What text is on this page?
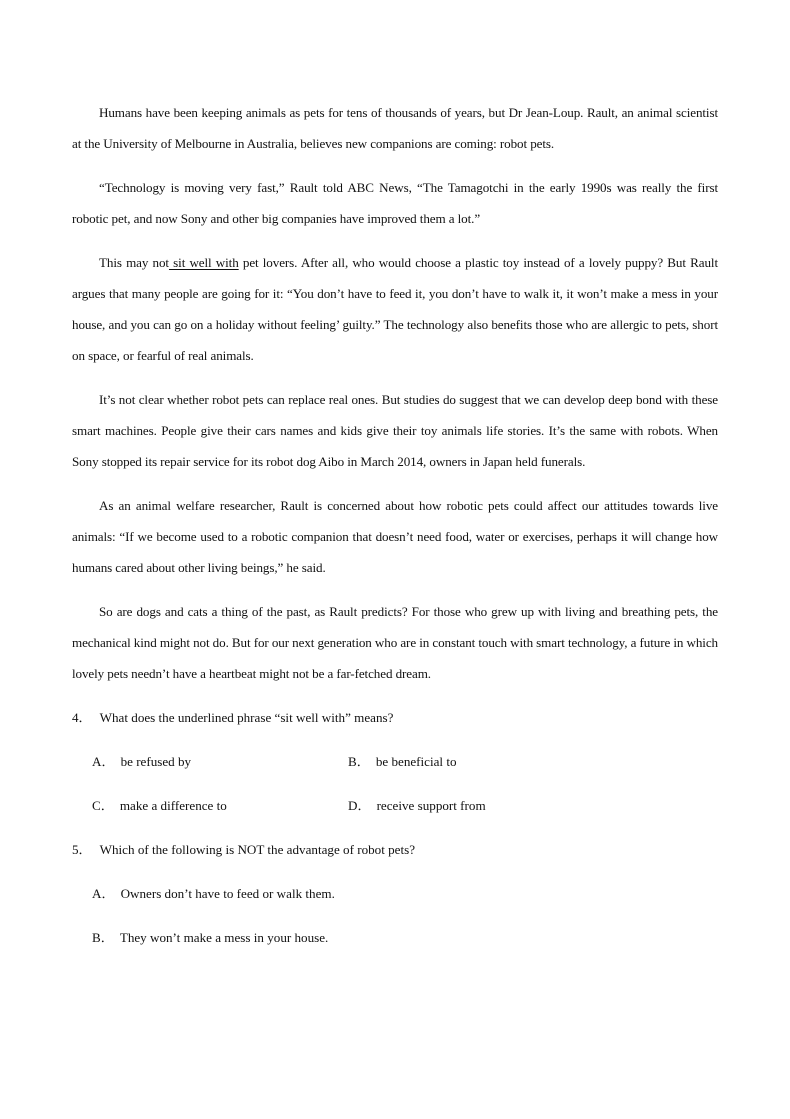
Humans have been keeping animals as pets for tens of thousands of years, but Dr Jean-Loup. Rault, an animal scientist at the University of Melbourne in Australia, believes new companions are coming: robot pets.

“Technology is moving very fast,” Rault told ABC News, “The Tamagotchi in the early 1990s was really the first robotic pet, and now Sony and other big companies have improved them a lot.”

This may not sit well with pet lovers. After all, who would choose a plastic toy instead of a lovely puppy? But Rault argues that many people are going for it: “You don’t have to feed it, you don’t have to walk it, it won’t make a mess in your house, and you can go on a holiday without feeling’ guilty.” The technology also benefits those who are allergic to pets, short on space, or fearful of real animals.

It’s not clear whether robot pets can replace real ones. But studies do suggest that we can develop deep bond with these smart machines. People give their cars names and kids give their toy animals life stories. It’s the same with robots. When Sony stopped its repair service for its robot dog Aibo in March 2014, owners in Japan held funerals.

As an animal welfare researcher, Rault is concerned about how robotic pets could affect our attitudes towards live animals: “If we become used to a robotic companion that doesn’t need food, water or exercises, perhaps it will change how humans cared about other living beings,” he said.

So are dogs and cats a thing of the past, as Rault predicts? For those who grew up with living and breathing pets, the mechanical kind might not do. But for our next generation who are in constant touch with smart technology, a future in which lovely pets needn’t have a heartbeat might not be a far-fetched dream.

4． What does the underlined phrase “sit well with” means?
A． be refused by	B． be beneficial to
C． make a difference to	D． receive support from
5． Which of the following is NOT the advantage of robot pets?
A． Owners don’t have to feed or walk them.
B． They won’t make a mess in your house.
